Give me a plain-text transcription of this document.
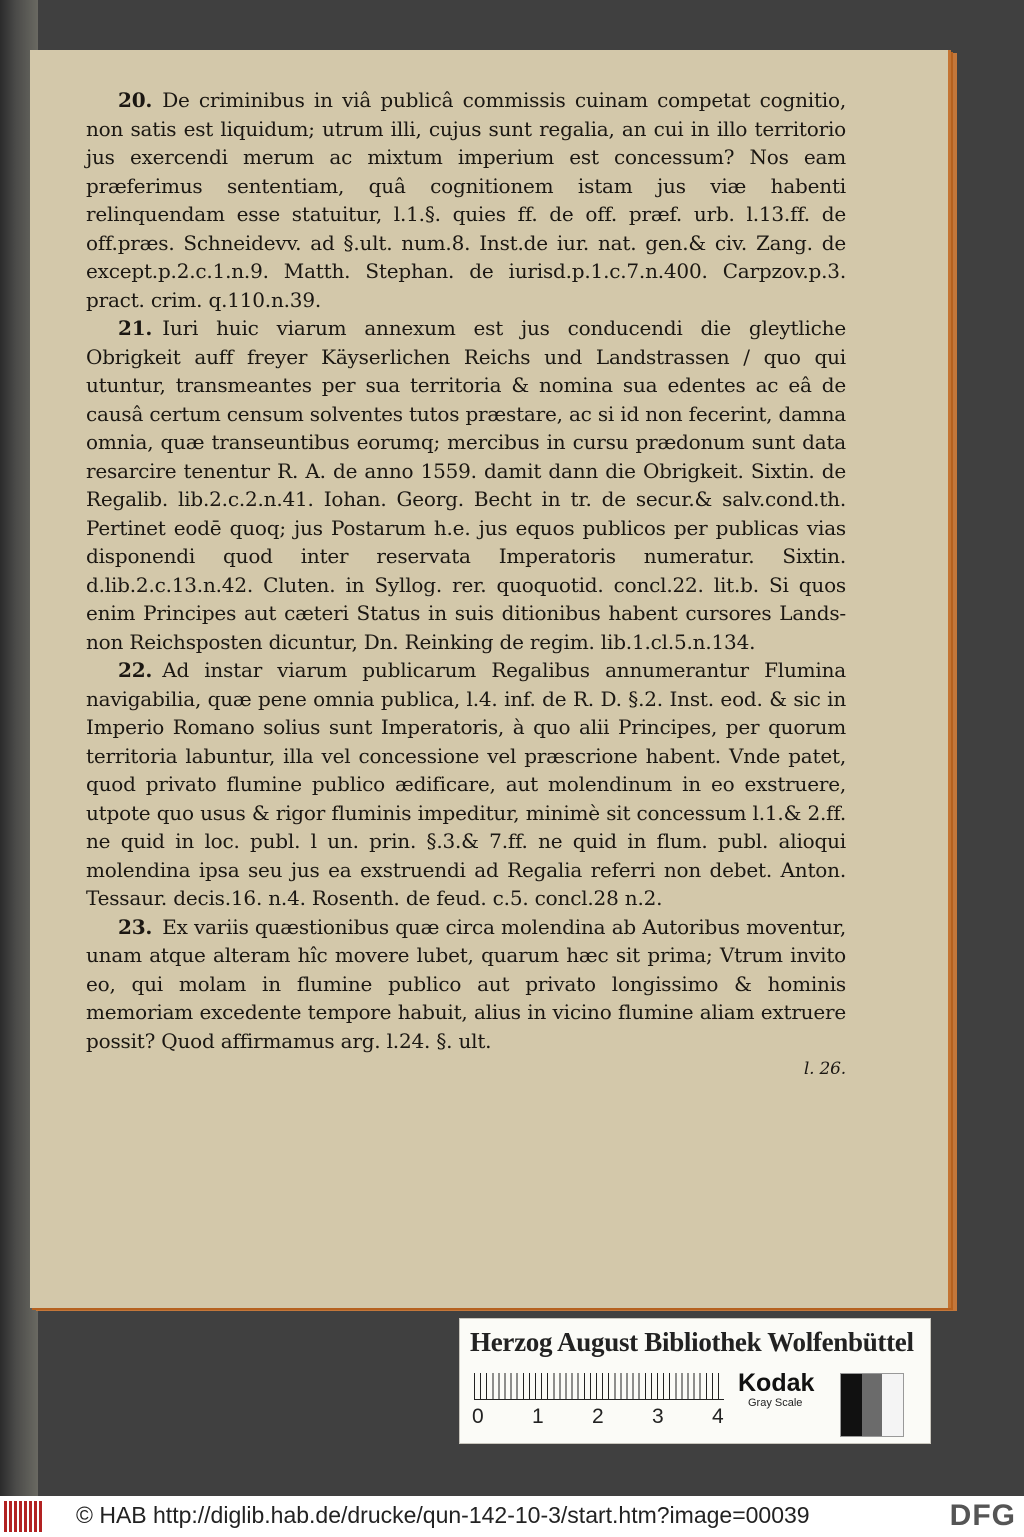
20. De criminibus in viâ publicâ commissis cuinam competat cognitio, non satis est liquidum; utrum illi, cujus sunt regalia, an cui in illo territorio jus exercendi merum ac mixtum imperium est concessum? Nos eam præferimus sententiam, quâ cognitionem istam jus viæ habenti relinquendam esse statuitur, l.1.§. quies ff. de off. præf. urb. l.13.ff. de off.præs. Schneidevv. ad §.ult. num.8. Inst.de iur. nat. gen.& civ. Zang. de except.p.2.c.1.n.9. Matth. Stephan. de iurisd.p.1.c.7.n.400. Carpzov.p.3. pract. crim. q.110.n.39.

21. Iuri huic viarum annexum est jus conducendi die gleytliche Obrigkeit auff freyer Käyserlichen Reichs und Landstrassen / quo qui utuntur, transmeantes per sua territoria & nomina sua edentes ac eâ de causâ certum censum solventes tutos præstare, ac si id non fecerint, damna omnia, quæ transeuntibus eorumq; mercibus in cursu prædonum sunt data resarcire tenentur R. A. de anno 1559. damit dann die Obrigkeit. Sixtin. de Regalib. lib.2.c.2.n.41. Iohan. Georg. Becht in tr. de secur.& salv.cond.th. Pertinet eodē quoq; jus Postarum h.e. jus equos publicos per publicas vias disponendi quod inter reservata Imperatoris numeratur. Sixtin. d.lib.2.c.13.n.42. Cluten. in Syllog. rer. quoquotid. concl.22. lit.b. Si quos enim Principes aut cæteri Status in suis ditionibus habent cursores Lands-non Reichsposten dicuntur, Dn. Reinking de regim. lib.1.cl.5.n.134.

22. Ad instar viarum publicarum Regalibus annumerantur Flumina navigabilia, quæ pene omnia publica, l.4. inf. de R. D. §.2. Inst. eod. & sic in Imperio Romano solius sunt Imperatoris, à quo alii Principes, per quorum territoria labuntur, illa vel concessione vel præscrione habent. Vnde patet, quod privato flumine publico ædificare, aut molendinum in eo exstruere, utpote quo usus & rigor fluminis impeditur, minimè sit concessum l.1.& 2.ff. ne quid in loc. publ. l un. prin. §.3.& 7.ff. ne quid in flum. publ. alioqui molendina ipsa seu jus ea exstruendi ad Regalia referri non debet. Anton. Tessaur. decis.16. n.4. Rosenth. de feud. c.5. concl.28 n.2.

23. Ex variis quæstionibus quæ circa molendina ab Autoribus moventur, unam atque alteram hîc movere lubet, quarum hæc sit prima; Vtrum invito eo, qui molam in flumine publico aut privato longissimo & hominis memoriam excedente tempore habuit, alius in vicino flumine aliam extruere possit? Quod affirmamus arg. l.24. §. ult.

l. 26.
Herzog August Bibliothek Wolfenbüttel
0 1 2 3 4
Kodak
Gray Scale
© HAB http://diglib.hab.de/drucke/qun-142-10-3/start.htm?image=00039	DFG
